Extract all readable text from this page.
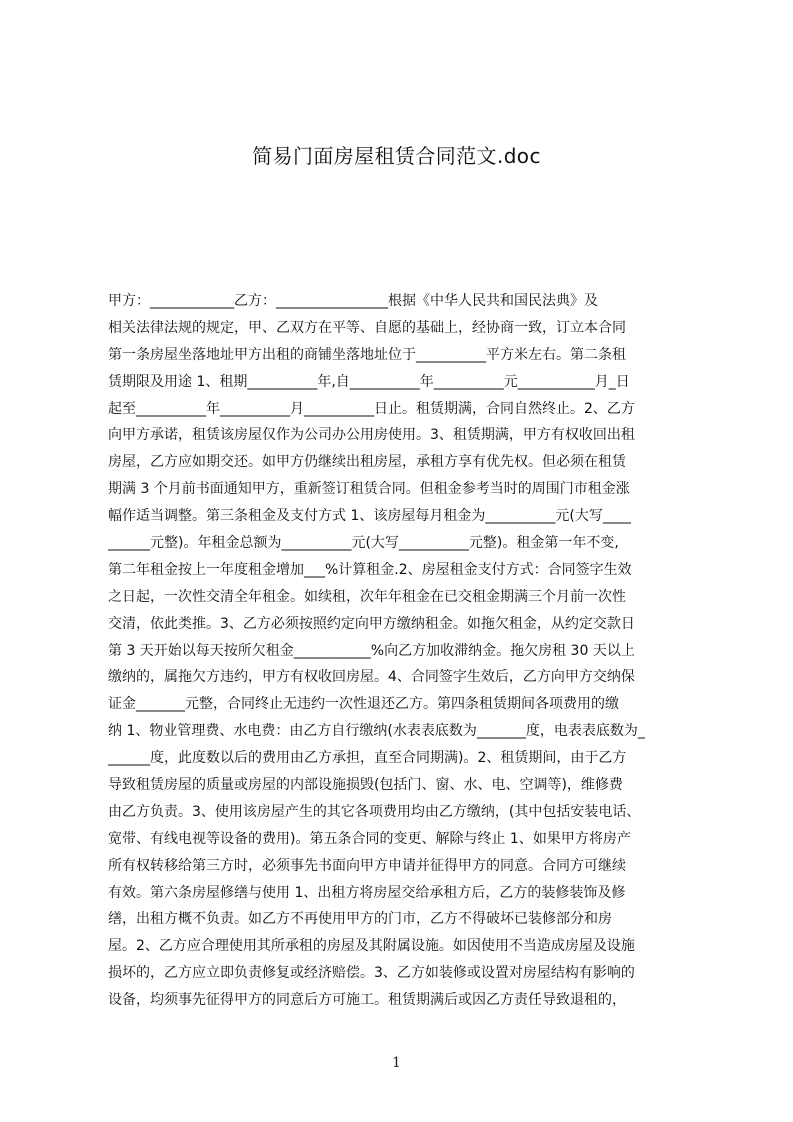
简易门面房屋租赁合同范文.doc
甲方：____________乙方：________________根据《中华人民共和国民法典》及
相关法律法规的规定，甲、乙双方在平等、自愿的基础上，经协商一致，订立本合同
第一条房屋坐落地址甲方出租的商铺坐落地址位于__________平方米左右。第二条租
赁期限及用途 1、租期__________年,自__________年__________元___________月_日
起至__________年__________月__________日止。租赁期满，合同自然终止。2、乙方
向甲方承诺，租赁该房屋仅作为公司办公用房使用。3、租赁期满，甲方有权收回出租
房屋，乙方应如期交还。如甲方仍继续出租房屋，承租方享有优先权。但必须在租赁
期满 3 个月前书面通知甲方，重新签订租赁合同。但租金参考当时的周围门市租金涨
幅作适当调整。第三条租金及支付方式 1、该房屋每月租金为__________元(大写____
______元整)。年租金总额为__________元(大写__________元整)。租金第一年不变,
第二年租金按上一年度租金增加___%计算租金.2、房屋租金支付方式：合同签字生效
之日起，一次性交清全年租金。如续租，次年年租金在已交租金期满三个月前一次性
交清，依此类推。3、乙方必须按照约定向甲方缴纳租金。如拖欠租金，从约定交款日
第 3 天开始以每天按所欠租金___________%向乙方加收滞纳金。拖欠房租 30 天以上
缴纳的，属拖欠方违约，甲方有权收回房屋。4、合同签字生效后，乙方向甲方交纳保
证金_______元整，合同终止无违约一次性退还乙方。第四条租赁期间各项费用的缴
纳 1、物业管理费、水电费：由乙方自行缴纳(水表表底数为_______度，电表表底数为_
______度，此度数以后的费用由乙方承担，直至合同期满)。2、租赁期间，由于乙方
导致租赁房屋的质量或房屋的内部设施损毁(包括门、窗、水、电、空调等)，维修费
由乙方负责。3、使用该房屋产生的其它各项费用均由乙方缴纳，(其中包括安装电话、
宽带、有线电视等设备的费用)。第五条合同的变更、解除与终止 1、如果甲方将房产
所有权转移给第三方时，必须事先书面向甲方申请并征得甲方的同意。合同方可继续
有效。第六条房屋修缮与使用 1、出租方将房屋交给承租方后，乙方的装修装饰及修
缮，出租方概不负责。如乙方不再使用甲方的门市，乙方不得破坏已装修部分和房
屋。2、乙方应合理使用其所承租的房屋及其附属设施。如因使用不当造成房屋及设施
损坏的，乙方应立即负责修复或经济赔偿。3、乙方如装修或设置对房屋结构有影响的
设备，均须事先征得甲方的同意后方可施工。租赁期满后或因乙方责任导致退租的，
1
